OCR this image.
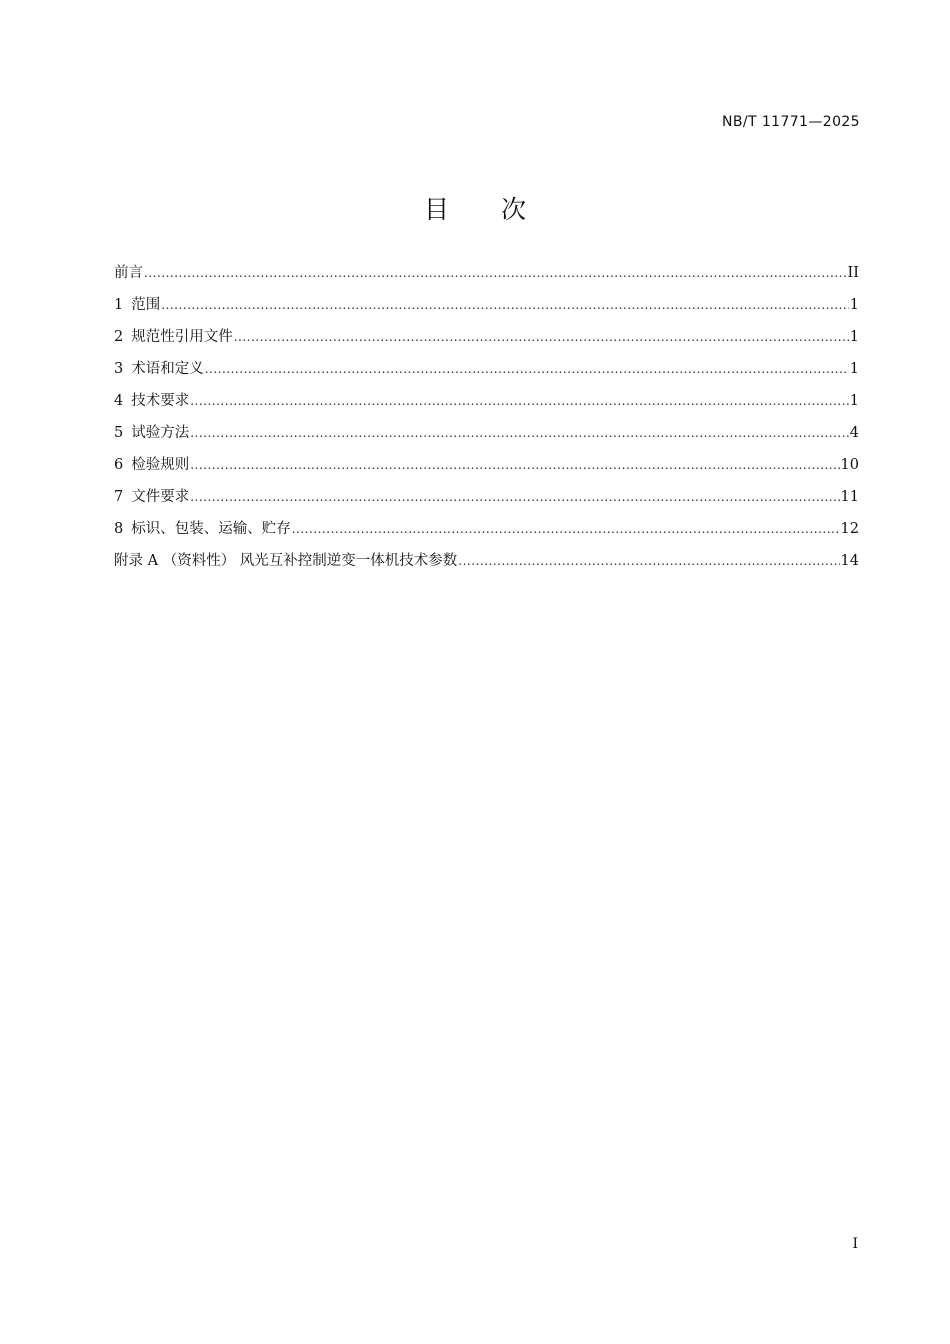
NB/T 11771—2025
目 次
前言 .....	II
1 范围 .....	1
2 规范性引用文件 .....	1
3 术语和定义 .....	1
4 技术要求 .....	1
5 试验方法 .....	4
6 检验规则 .....	10
7 文件要求 .....	11
8 标识、包装、运输、贮存 .....	12
附录 A （资料性） 风光互补控制逆变一体机技术参数 .....	14
I
